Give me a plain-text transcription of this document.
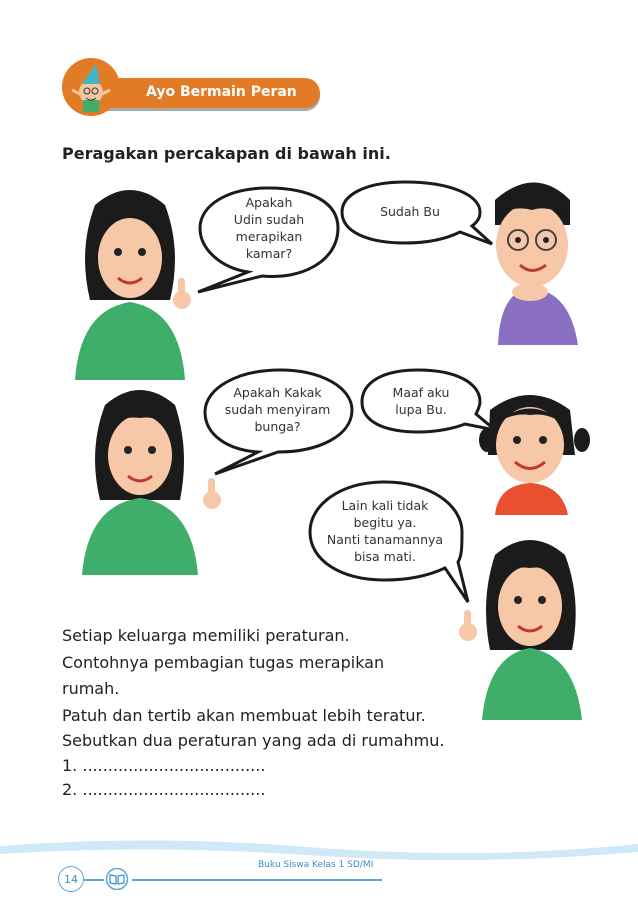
Ayo Bermain Peran
Peragakan percakapan di bawah ini.
Apakah
Udin sudah
merapikan
kamar?
Sudah Bu
Apakah Kakak
sudah menyiram
bunga?
Maaf aku
lupa Bu.
Lain kali tidak
begitu ya.
Nanti tanamannya
bisa mati.
Setiap keluarga memiliki peraturan.
Contohnya pembagian tugas merapikan
rumah.
Patuh dan tertib akan membuat lebih teratur.
Sebutkan dua peraturan yang ada di rumahmu.
1. ....................................
2. ....................................
14
Buku Siswa Kelas 1 SD/MI
